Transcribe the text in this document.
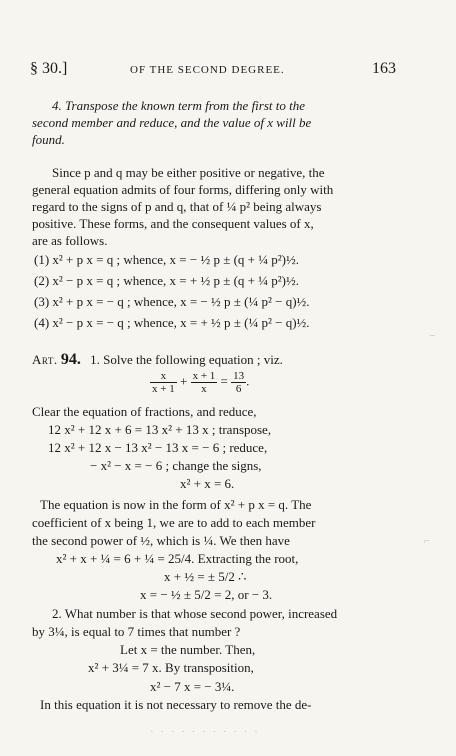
§ 30.]	OF THE SECOND DEGREE.	163
4. Transpose the known term from the first to the
second member and reduce, and the value of x will be
found.
Since p and q may be either positive or negative, the
general equation admits of four forms, differing only with
regard to the signs of p and q, that of ¼ p² being always
positive. These forms, and the consequent values of x,
are as follows.
(1) x² + p x = q ; whence, x = − ½ p ± (q + ¼ p²)½.
(2) x² − p x = q ; whence, x = + ½ p ± (q + ¼ p²)½.
(3) x² + p x = − q ; whence, x = − ½ p ± (¼ p² − q)½.
(4) x² − p x = − q ; whence, x = + ½ p ± (¼ p² − q)½.
Art. 94. 1. Solve the following equation ; viz.
$\frac{x}{x + 1} + \frac{x + 1}{x} = \frac{13}{6}$ .
Clear the equation of fractions, and reduce,
12 x² + 12 x + 6 = 13 x² + 13 x ; transpose,
12 x² + 12 x − 13 x² − 13 x = − 6 ; reduce,
− x² − x = − 6 ; change the signs,
x² + x = 6.
The equation is now in the form of x² + p x = q. The
coefficient of x being 1, we are to add to each member
the second power of ½, which is ¼. We then have
x² + x + ¼ = 6 + ¼ = 25/4. Extracting the root,
x + ½ = ± 5/2 ∴
x = − ½ ± 5/2 = 2, or − 3.
2. What number is that whose second power, increased
by 3¼, is equal to 7 times that number ?
Let x = the number. Then,
x² + 3¼ = 7 x. By transposition,
x² − 7 x = − 3¼.
In this equation it is not necessary to remove the de-
· · · · · · · · · · ·
–
⌐
